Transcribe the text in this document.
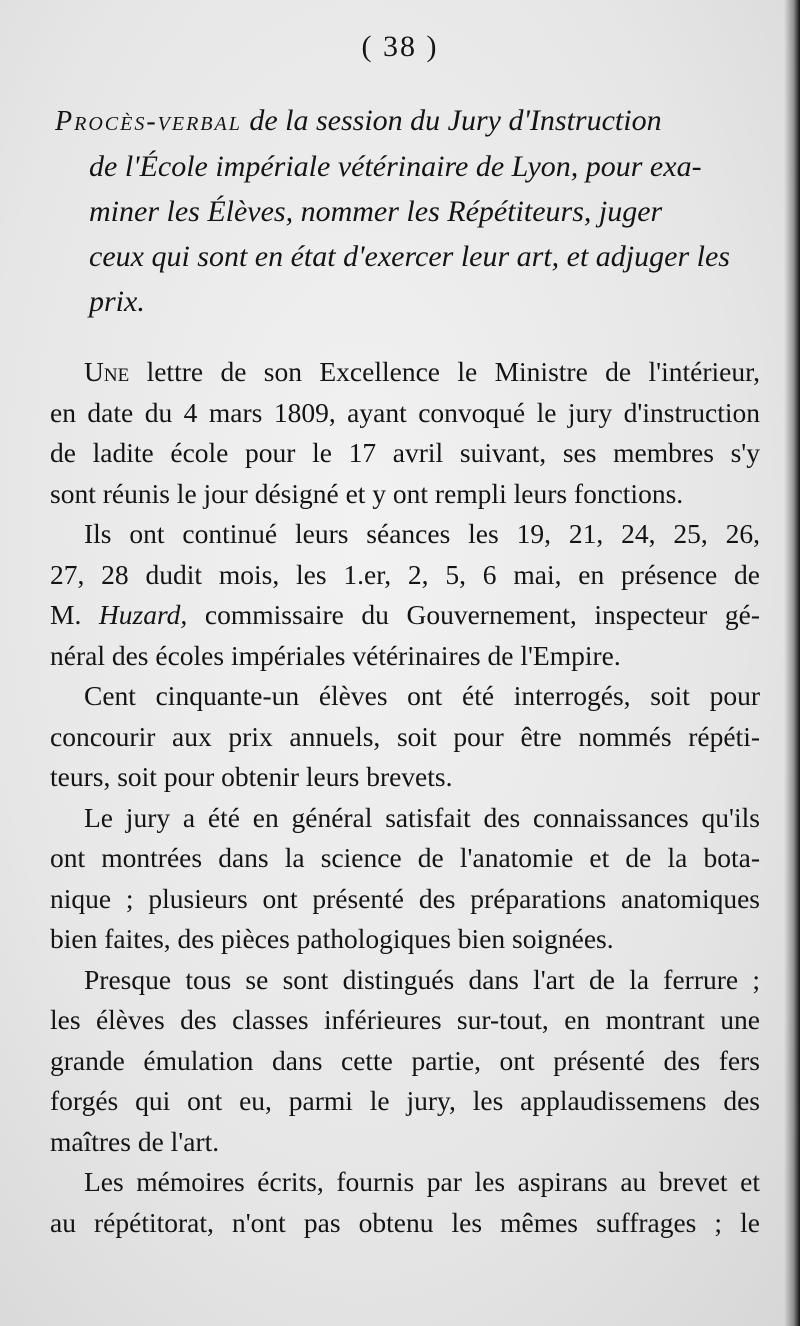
( 38 )
Procès-verbal de la session du Jury d'Instruction
de l'École impériale vétérinaire de Lyon, pour exa-
miner les Élèves, nommer les Répétiteurs, juger
ceux qui sont en état d'exercer leur art, et adjuger les
prix.
Une lettre de son Excellence le Ministre de l'intérieur,
en date du 4 mars 1809, ayant convoqué le jury d'instruction
de ladite école pour le 17 avril suivant, ses membres s'y
sont réunis le jour désigné et y ont rempli leurs fonctions.
Ils ont continué leurs séances les 19, 21, 24, 25, 26,
27, 28 dudit mois, les 1.er, 2, 5, 6 mai, en présence de
M. Huzard, commissaire du Gouvernement, inspecteur gé-
néral des écoles impériales vétérinaires de l'Empire.
Cent cinquante-un élèves ont été interrogés, soit pour
concourir aux prix annuels, soit pour être nommés répéti-
teurs, soit pour obtenir leurs brevets.
Le jury a été en général satisfait des connaissances qu'ils
ont montrées dans la science de l'anatomie et de la bota-
nique ; plusieurs ont présenté des préparations anatomiques
bien faites, des pièces pathologiques bien soignées.
Presque tous se sont distingués dans l'art de la ferrure ;
les élèves des classes inférieures sur-tout, en montrant une
grande émulation dans cette partie, ont présenté des fers
forgés qui ont eu, parmi le jury, les applaudissemens des
maîtres de l'art.
Les mémoires écrits, fournis par les aspirans au brevet et
au répétitorat, n'ont pas obtenu les mêmes suffrages ; le
